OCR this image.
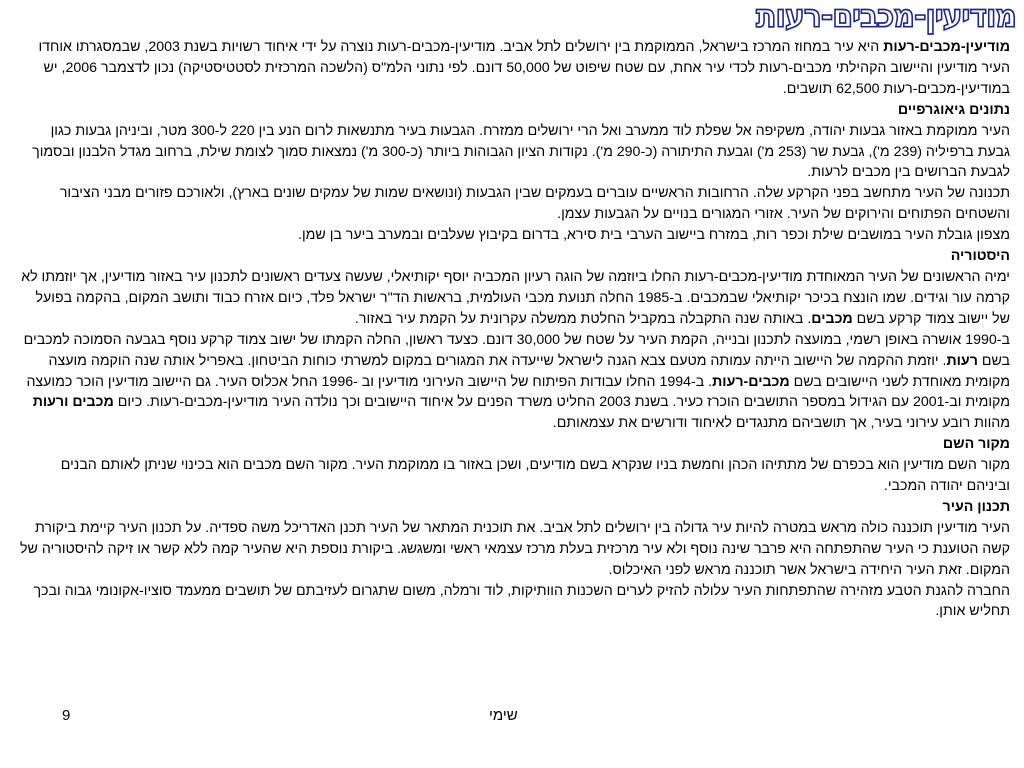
מודיעין-מכבים-רעות

מודיעין-מכבים-רעות היא עיר במחוז המרכז בישראל, הממוקמת בין ירושלים לתל אביב. מודיעין-מכבים-רעות נוצרה על ידי איחוד רשויות בשנת 2003, שבמסגרתו אוחדו העיר מודיעין והיישוב הקהילתי מכבים-רעות לכדי עיר אחת, עם שטח שיפוט של 50,000 דונם. לפי נתוני הלמ"ס (הלשכה המרכזית לסטטיסטיקה) נכון לדצמבר 2006, יש במודיעין-מכבים-רעות 62,500 תושבים.

נתונים גיאוגרפיים

העיר ממוקמת באזור גבעות יהודה, משקיפה אל שפלת לוד ממערב ואל הרי ירושלים ממזרח. הגבעות בעיר מתנשאות לרום הנע בין 220 ל-300 מטר, וביניהן גבעות כגון גבעת ברפיליה (239 מ'), גבעת שר (253 מ') וגבעת התיתורה (כ-290 מ'). נקודות הציון הגבוהות ביותר (כ-300 מ') נמצאות סמוך לצומת שילת, ברחוב מגדל הלבנון ובסמוך לגבעת הברושים בין מכבים לרעות.

תכנונה של העיר מתחשב בפני הקרקע שלה. הרחובות הראשיים עוברים בעמקים שבין הגבעות (ונושאים שמות של עמקים שונים בארץ), ולאורכם פזורים מבני הציבור והשטחים הפתוחים והירוקים של העיר. אזורי המגורים בנויים על הגבעות עצמן.

מצפון גובלת העיר במושבים שילת וכפר רות, במזרח ביישוב הערבי בית סירא, בדרום בקיבוץ שעלבים ובמערב ביער בן שמן.

היסטוריה

ימיה הראשונים של העיר המאוחדת מודיעין-מכבים-רעות החלו ביוזמה של הוגה רעיון המכביה יוסף יקותיאלי, שעשה צעדים ראשונים לתכנון עיר באזור מודיעין, אך יוזמתו לא קרמה עור וגידים. שמו הונצח בכיכר יקותיאלי שבמכבים. ב-1985 החלה תנועת מכבי העולמית, בראשות הד"ר ישראל פלד, כיום אזרח כבוד ותושב המקום, בהקמה בפועל של יישוב צמוד קרקע בשם מכבים. באותה שנה התקבלה במקביל החלטת ממשלה עקרונית על הקמת עיר באזור.

ב-1990 אושרה באופן רשמי, במועצה לתכנון ובנייה, הקמת העיר על שטח של 30,000 דונם. כצעד ראשון, החלה הקמתו של ישוב צמוד קרקע נוסף בגבעה הסמוכה למכבים בשם רעות. יוזמת ההקמה של היישוב הייתה עמותה מטעם צבא הגנה לישראל שייעדה את המגורים במקום למשרתי כוחות הביטחון. באפריל אותה שנה הוקמה מועצה מקומית מאוחדת לשני היישובים בשם מכבים-רעות. ב-1994 החלו עבודות הפיתוח של היישוב העירוני מודיעין וב -1996 החל אכלוס העיר. גם היישוב מודיעין הוכר כמועצה מקומית וב-2001 עם הגידול במספר התושבים הוכרז כעיר. בשנת 2003 החליט משרד הפנים על איחוד היישובים וכך נולדה העיר מודיעין-מכבים-רעות. כיום מכבים ורעות מהוות רובע עירוני בעיר, אך תושביהם מתנגדים לאיחוד ודורשים את עצמאותם.

מקור השם

מקור השם מודיעין הוא בכפרם של מתתיהו הכהן וחמשת בניו שנקרא בשם מודיעים, ושכן באזור בו ממוקמת העיר. מקור השם מכבים הוא בכינוי שניתן לאותם הבנים וביניהם יהודה המכבי.

תכנון העיר

העיר מודיעין תוכננה כולה מראש במטרה להיות עיר גדולה בין ירושלים לתל אביב. את תוכנית המתאר של העיר תכנן האדריכל משה ספדיה. על תכנון העיר קיימת ביקורת קשה הטוענת כי העיר שהתפתחה היא פרבר שינה נוסף ולא עיר מרכזית בעלת מרכז עצמאי ראשי ומשגשג. ביקורת נוספת היא שהעיר קמה ללא קשר או זיקה להיסטוריה של המקום. זאת העיר היחידה בישראל אשר תוכננה מראש לפני האיכלוס.

החברה להגנת הטבע מזהירה שהתפתחות העיר עלולה להזיק לערים השכנות הוותיקות, לוד ורמלה, משום שתגרום לעזיבתם של תושבים ממעמד סוציו-אקונומי גבוה ובכך תחליש אותן.

שימי
9
